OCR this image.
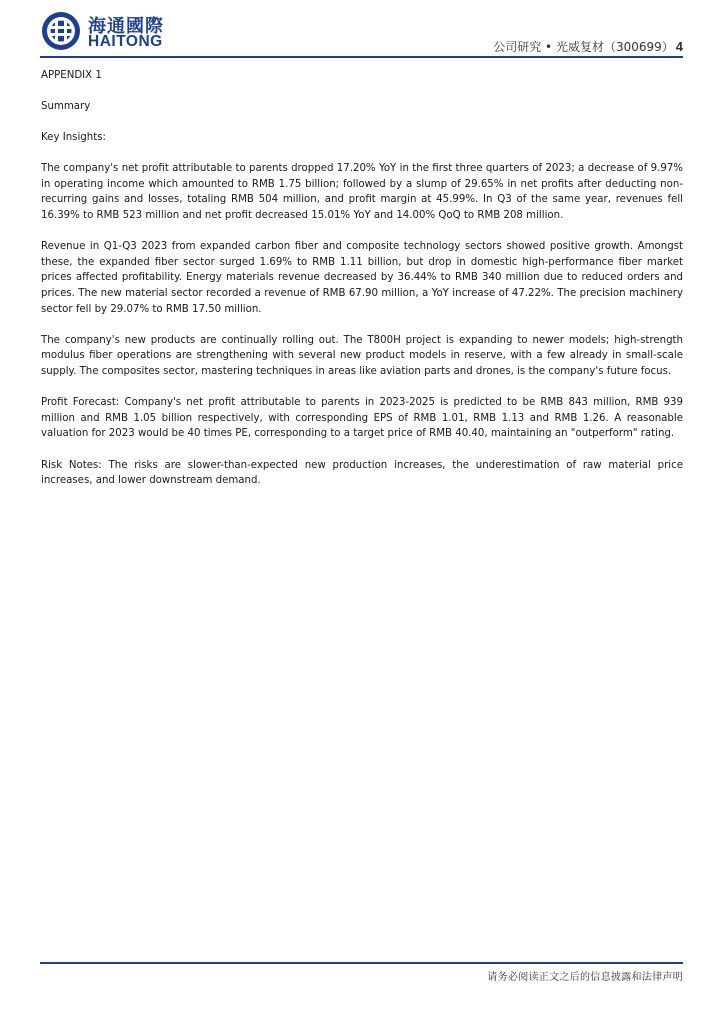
海通國際
HAITONG	公司研究 • 光威复材（300699） 4

APPENDIX 1

Summary

Key Insights:

The company's net profit attributable to parents dropped 17.20% YoY in the first three quarters of 2023; a decrease of 9.97% in operating income which amounted to RMB 1.75 billion; followed by a slump of 29.65% in net profits after deducting non-recurring gains and losses, totaling RMB 504 million, and profit margin at 45.99%. In Q3 of the same year, revenues fell 16.39% to RMB 523 million and net profit decreased 15.01% YoY and 14.00% QoQ to RMB 208 million.

Revenue in Q1-Q3 2023 from expanded carbon fiber and composite technology sectors showed positive growth. Amongst these, the expanded fiber sector surged 1.69% to RMB 1.11 billion, but drop in domestic high-performance fiber market prices affected profitability. Energy materials revenue decreased by 36.44% to RMB 340 million due to reduced orders and prices. The new material sector recorded a revenue of RMB 67.90 million, a YoY increase of 47.22%. The precision machinery sector fell by 29.07% to RMB 17.50 million.

The company's new products are continually rolling out. The T800H project is expanding to newer models; high-strength modulus fiber operations are strengthening with several new product models in reserve, with a few already in small-scale supply. The composites sector, mastering techniques in areas like aviation parts and drones, is the company's future focus.

Profit Forecast: Company's net profit attributable to parents in 2023-2025 is predicted to be RMB 843 million, RMB 939 million and RMB 1.05 billion respectively, with corresponding EPS of RMB 1.01, RMB 1.13 and RMB 1.26. A reasonable valuation for 2023 would be 40 times PE, corresponding to a target price of RMB 40.40, maintaining an "outperform" rating.

Risk Notes: The risks are slower-than-expected new production increases, the underestimation of raw material price increases, and lower downstream demand.

请务必阅读正文之后的信息披露和法律声明
